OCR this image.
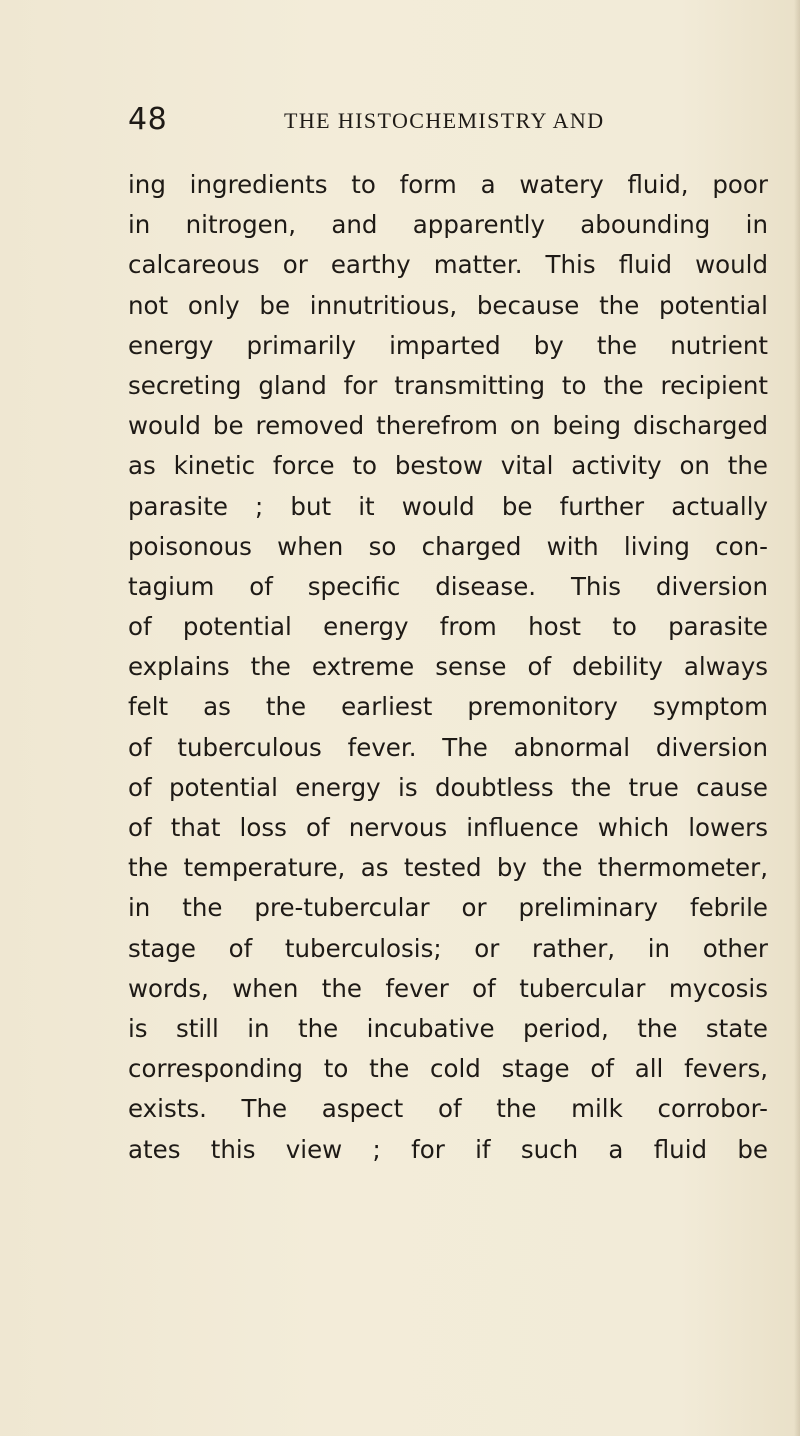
48	THE HISTOCHEMISTRY AND
ing ingredients to form a watery fluid, poor
in nitrogen, and apparently abounding in
calcareous or earthy matter. This fluid would
not only be innutritious, because the potential
energy primarily imparted by the nutrient
secreting gland for transmitting to the recipient
would be removed therefrom on being discharged
as kinetic force to bestow vital activity on the
parasite ; but it would be further actually
poisonous when so charged with living con-
tagium of specific disease. This diversion
of potential energy from host to parasite
explains the extreme sense of debility always
felt as the earliest premonitory symptom
of tuberculous fever. The abnormal diversion
of potential energy is doubtless the true cause
of that loss of nervous influence which lowers
the temperature, as tested by the thermometer,
in the pre-tubercular or preliminary febrile
stage of tuberculosis; or rather, in other
words, when the fever of tubercular mycosis
is still in the incubative period, the state
corresponding to the cold stage of all fevers,
exists. The aspect of the milk corrobor-
ates this view ; for if such a fluid be
